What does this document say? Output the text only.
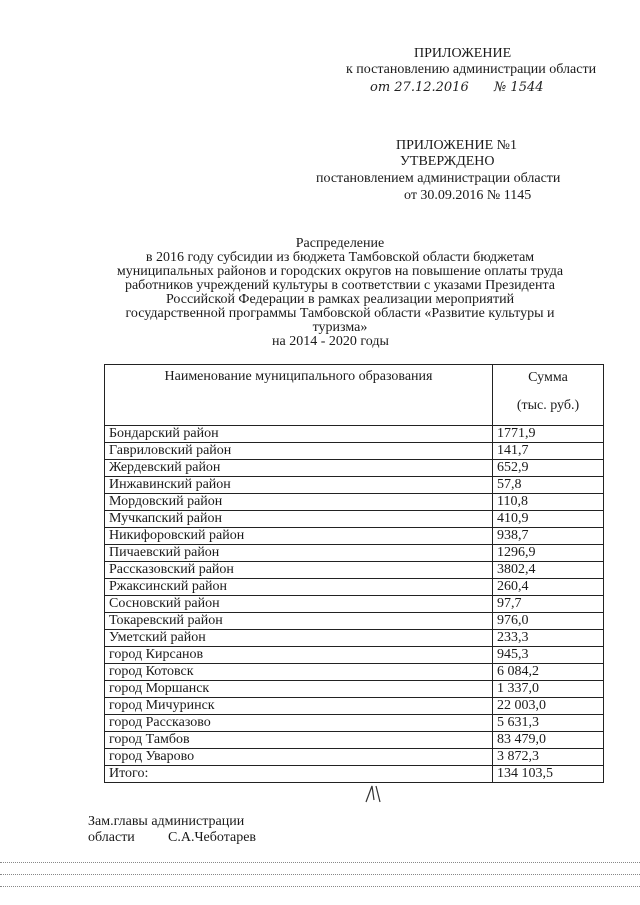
ПРИЛОЖЕНИЕ
к постановлению администрации области
от 27.12.2016 № 1544
ПРИЛОЖЕНИЕ №1
УТВЕРЖДЕНО
постановлением администрации области
от 30.09.2016 № 1145
Распределение
в 2016 году субсидии из бюджета Тамбовской области бюджетам
муниципальных районов и городских округов на повышение оплаты труда
работников учреждений культуры в соответствии с указами Президента
Российской Федерации в рамках реализации мероприятий
государственной программы Тамбовской области «Развитие культуры и
туризма»
на 2014 - 2020 годы
Наименование муниципального образования	Сумма
(тыс. руб.)

Бондарский район	1771,9
Гавриловский район	141,7
Жердевский район	652,9
Инжавинский район	57,8
Мордовский район	110,8
Мучкапский район	410,9
Никифоровский район	938,7
Пичаевский район	1296,9
Рассказовский район	3802,4
Ржаксинский район	260,4
Сосновский район	97,7
Токаревский район	976,0
Уметский район	233,3
город Кирсанов	945,3
город Котовск	6 084,2
город Моршанск	1 337,0
город Мичуринск	22 003,0
город Рассказово	5 631,3
город Тамбов	83 479,0
город Уварово	3 872,3
Итого:	134 103,5
Зам.главы администрации
области С.А.Чеботарев
